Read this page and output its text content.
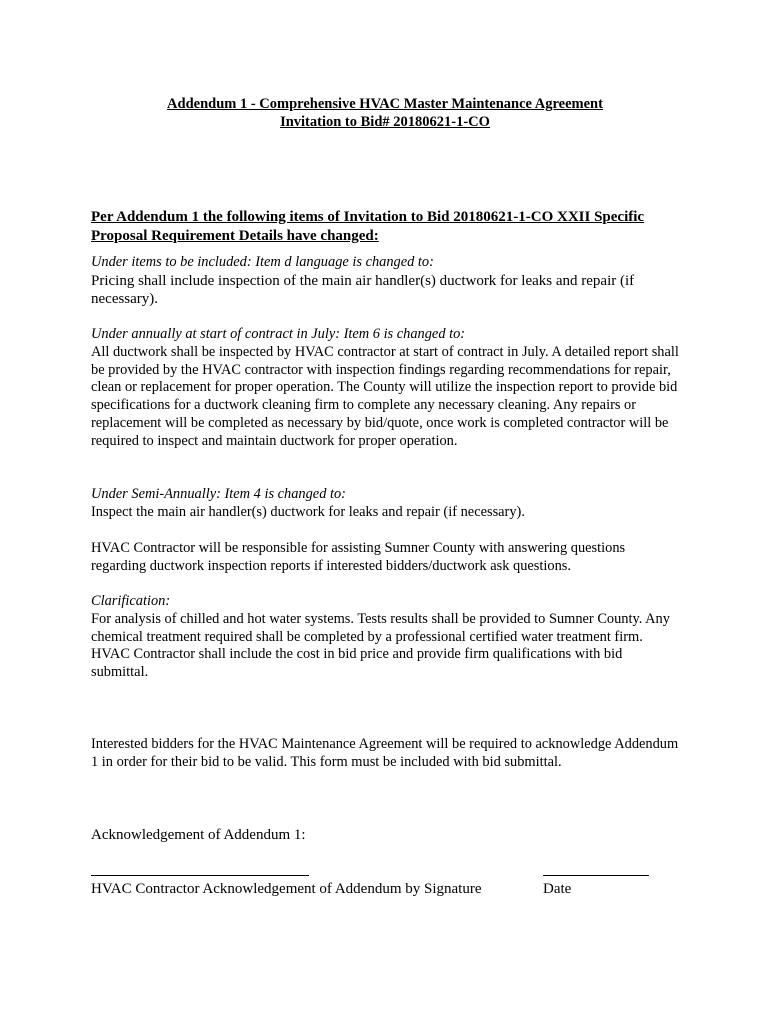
Addendum 1 - Comprehensive HVAC Master Maintenance Agreement
Invitation to Bid# 20180621-1-CO
Per Addendum 1 the following items of Invitation to Bid 20180621-1-CO XXII Specific Proposal Requirement Details have changed:

Under items to be included: Item d language is changed to:

Pricing shall include inspection of the main air handler(s) ductwork for leaks and repair (if necessary).

Under annually at start of contract in July: Item 6 is changed to:

All ductwork shall be inspected by HVAC contractor at start of contract in July. A detailed report shall be provided by the HVAC contractor with inspection findings regarding recommendations for repair, clean or replacement for proper operation. The County will utilize the inspection report to provide bid specifications for a ductwork cleaning firm to complete any necessary cleaning. Any repairs or replacement will be completed as necessary by bid/quote, once work is completed contractor will be required to inspect and maintain ductwork for proper operation.

Under Semi-Annually: Item 4 is changed to:

Inspect the main air handler(s) ductwork for leaks and repair (if necessary).

HVAC Contractor will be responsible for assisting Sumner County with answering questions regarding ductwork inspection reports if interested bidders/ductwork ask questions.

Clarification:

For analysis of chilled and hot water systems. Tests results shall be provided to Sumner County. Any chemical treatment required shall be completed by a professional certified water treatment firm. HVAC Contractor shall include the cost in bid price and provide firm qualifications with bid submittal.

Interested bidders for the HVAC Maintenance Agreement will be required to acknowledge Addendum 1 in order for their bid to be valid. This form must be included with bid submittal.

Acknowledgement of Addendum 1:
HVAC Contractor Acknowledgement of Addendum by Signature	Date
